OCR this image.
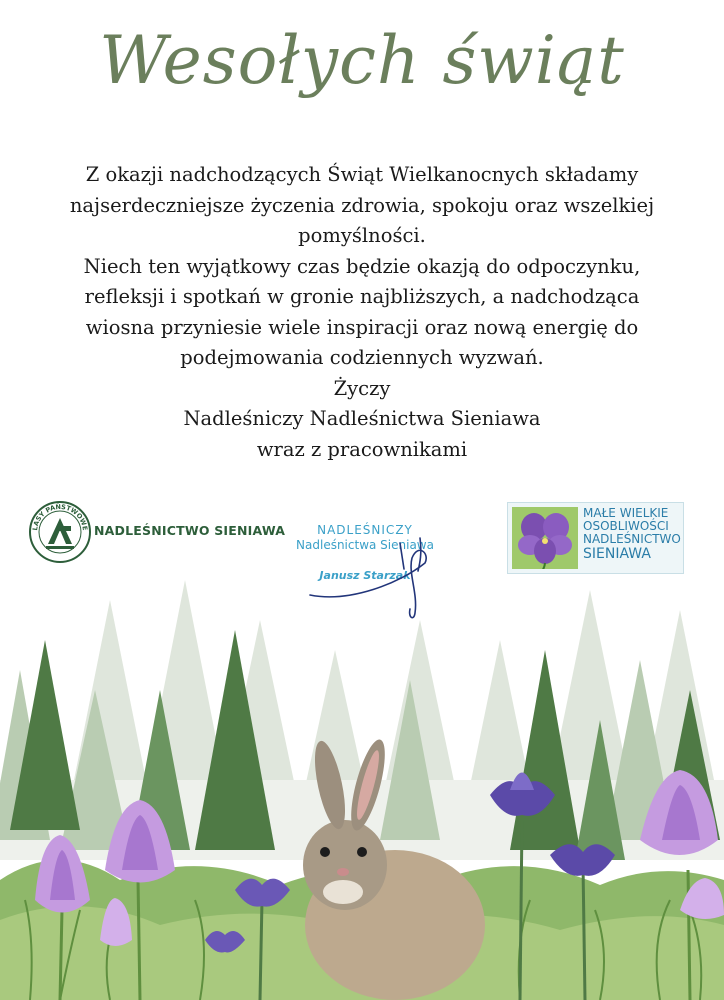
Wesołych świąt
Z okazji nadchodzących Świąt Wielkanocnych składamy
najserdeczniejsze życzenia zdrowia, spokoju oraz wszelkiej
pomyślności.
Niech ten wyjątkowy czas będzie okazją do odpoczynku,
refleksji i spotkań w gronie najbliższych, a nadchodząca
wiosna przyniesie wiele inspiracji oraz nową energię do
podejmowania codziennych wyzwań.
Życzy
Nadleśniczy Nadleśnictwa Sieniawa
wraz z pracownikami
LASY PAŃSTWOWE NADLEŚNICTWO SIENIAWA	NADLEŚNICZY
Nadleśnictwa Sieniawa
Janusz Starzak
MAŁE WIELKIE
OSOBLIWOŚCI
NADLEŚNICTWO
SIENIAWA
